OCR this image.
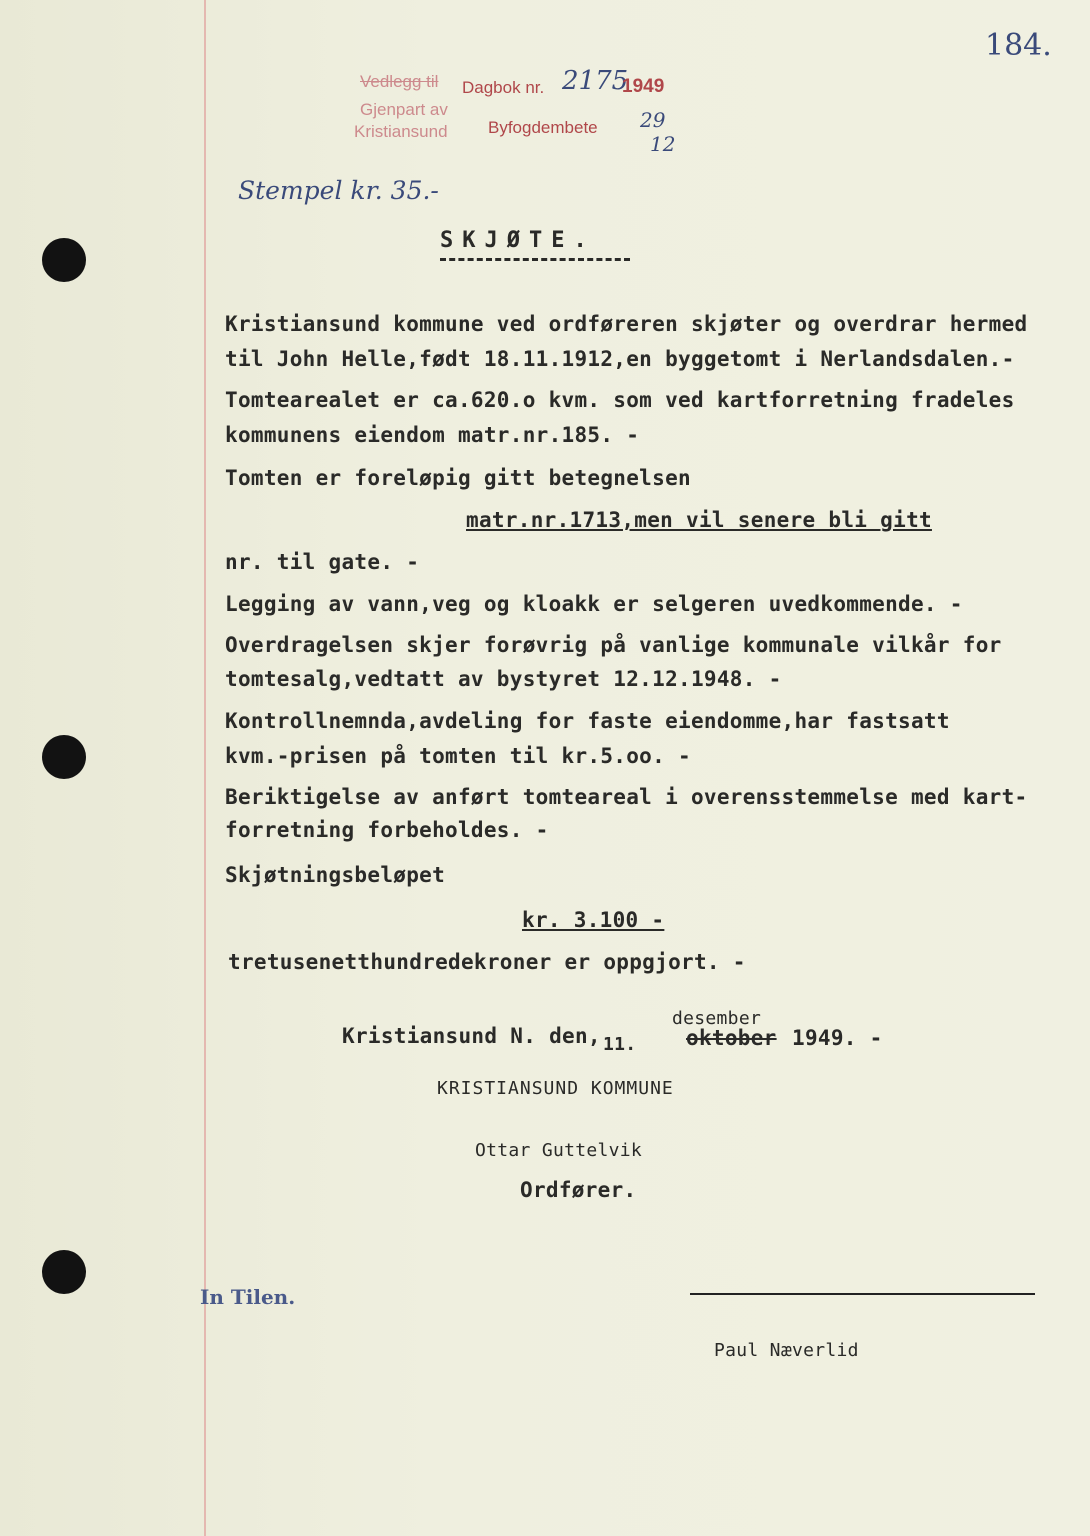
Vedlegg til Dagbok nr. 2175
1949
Gjenpart av
Kristiansund Byfogdembete 29
12
184.
Stempel kr. 35.-
SKJØTE.
Kristiansund kommune ved ordføreren skjøter og overdrar hermed
til John Helle,født 18.11.1912,en byggetomt i Nerlandsdalen.-
Tomtearealet er ca.620.o kvm. som ved kartforretning fradeles
kommunens eiendom matr.nr.185. -
Tomten er foreløpig gitt betegnelsen
matr.nr.1713,men vil senere bli gitt
nr. til gate. -
Legging av vann,veg og kloakk er selgeren uvedkommende. -
Overdragelsen skjer forøvrig på vanlige kommunale vilkår for
tomtesalg,vedtatt av bystyret 12.12.1948. -
Kontrollnemnda,avdeling for faste eiendomme,har fastsatt
kvm.-prisen på tomten til kr.5.oo. -
Beriktigelse av anført tomteareal i overensstemmelse med kart-
forretning forbeholdes. -
Skjøtningsbeløpet
kr. 3.100 -
tretusenetthundredekroner er oppgjort. -
Kristiansund N. den, 11.
desember
oktober 1949. -
KRISTIANSUND KOMMUNE
Ottar Guttelvik
Ordfører.
In Tilen.
Paul Næverlid
